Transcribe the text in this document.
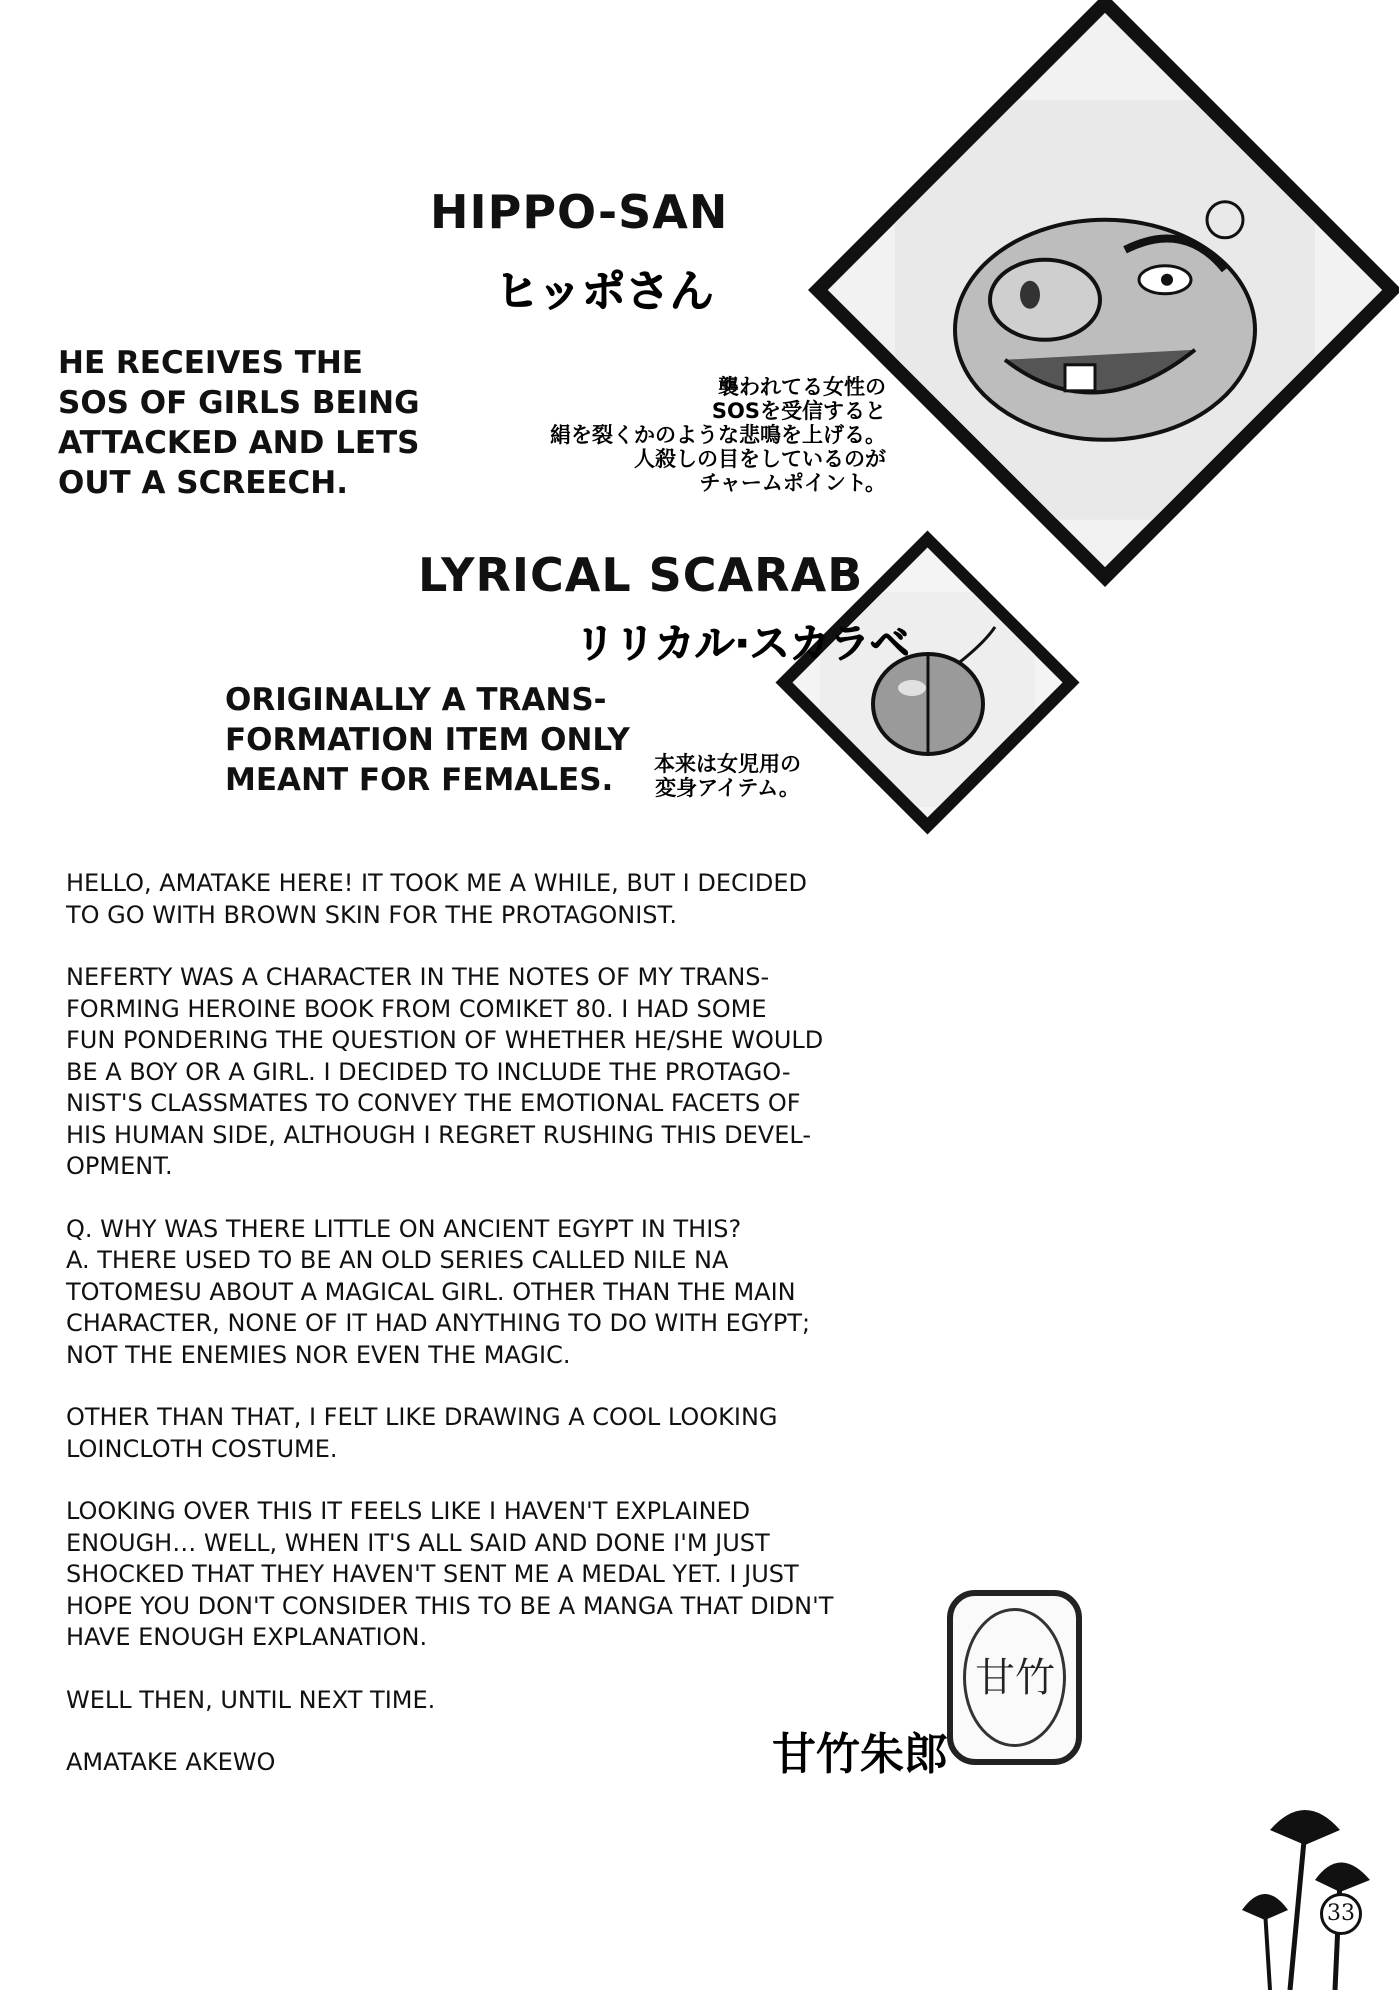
HIPPO-SAN
ヒッポさん
HE RECEIVES THE
SOS OF GIRLS BEING
ATTACKED AND LETS
OUT A SCREECH.
襲われてる女性の
SOSを受信すると
絹を裂くかのような悲鳴を上げる。
人殺しの目をしているのが
チャームポイント。
LYRICAL SCARAB
リリカル·スカラベ
ORIGINALLY A TRANS-
FORMATION ITEM ONLY
MEANT FOR FEMALES.	本来は女児用の
変身アイテム。
HELLO, AMATAKE HERE! IT TOOK ME A WHILE, BUT I DECIDED
TO GO WITH BROWN SKIN FOR THE PROTAGONIST.
NEFERTY WAS A CHARACTER IN THE NOTES OF MY TRANS-
FORMING HEROINE BOOK FROM COMIKET 80. I HAD SOME
FUN PONDERING THE QUESTION OF WHETHER HE/SHE WOULD
BE A BOY OR A GIRL. I DECIDED TO INCLUDE THE PROTAGO-
NIST'S CLASSMATES TO CONVEY THE EMOTIONAL FACETS OF
HIS HUMAN SIDE, ALTHOUGH I REGRET RUSHING THIS DEVEL-
OPMENT.
Q. WHY WAS THERE LITTLE ON ANCIENT EGYPT IN THIS?
A. THERE USED TO BE AN OLD SERIES CALLED NILE NA
TOTOMESU ABOUT A MAGICAL GIRL. OTHER THAN THE MAIN
CHARACTER, NONE OF IT HAD ANYTHING TO DO WITH EGYPT;
NOT THE ENEMIES NOR EVEN THE MAGIC.
OTHER THAN THAT, I FELT LIKE DRAWING A COOL LOOKING
LOINCLOTH COSTUME.
LOOKING OVER THIS IT FEELS LIKE I HAVEN'T EXPLAINED
ENOUGH… WELL, WHEN IT'S ALL SAID AND DONE I'M JUST
SHOCKED THAT THEY HAVEN'T SENT ME A MEDAL YET. I JUST
HOPE YOU DON'T CONSIDER THIS TO BE A MANGA THAT DIDN'T
HAVE ENOUGH EXPLANATION.
WELL THEN, UNTIL NEXT TIME.
AMATAKE AKEWO
甘竹
甘竹朱郎
33
